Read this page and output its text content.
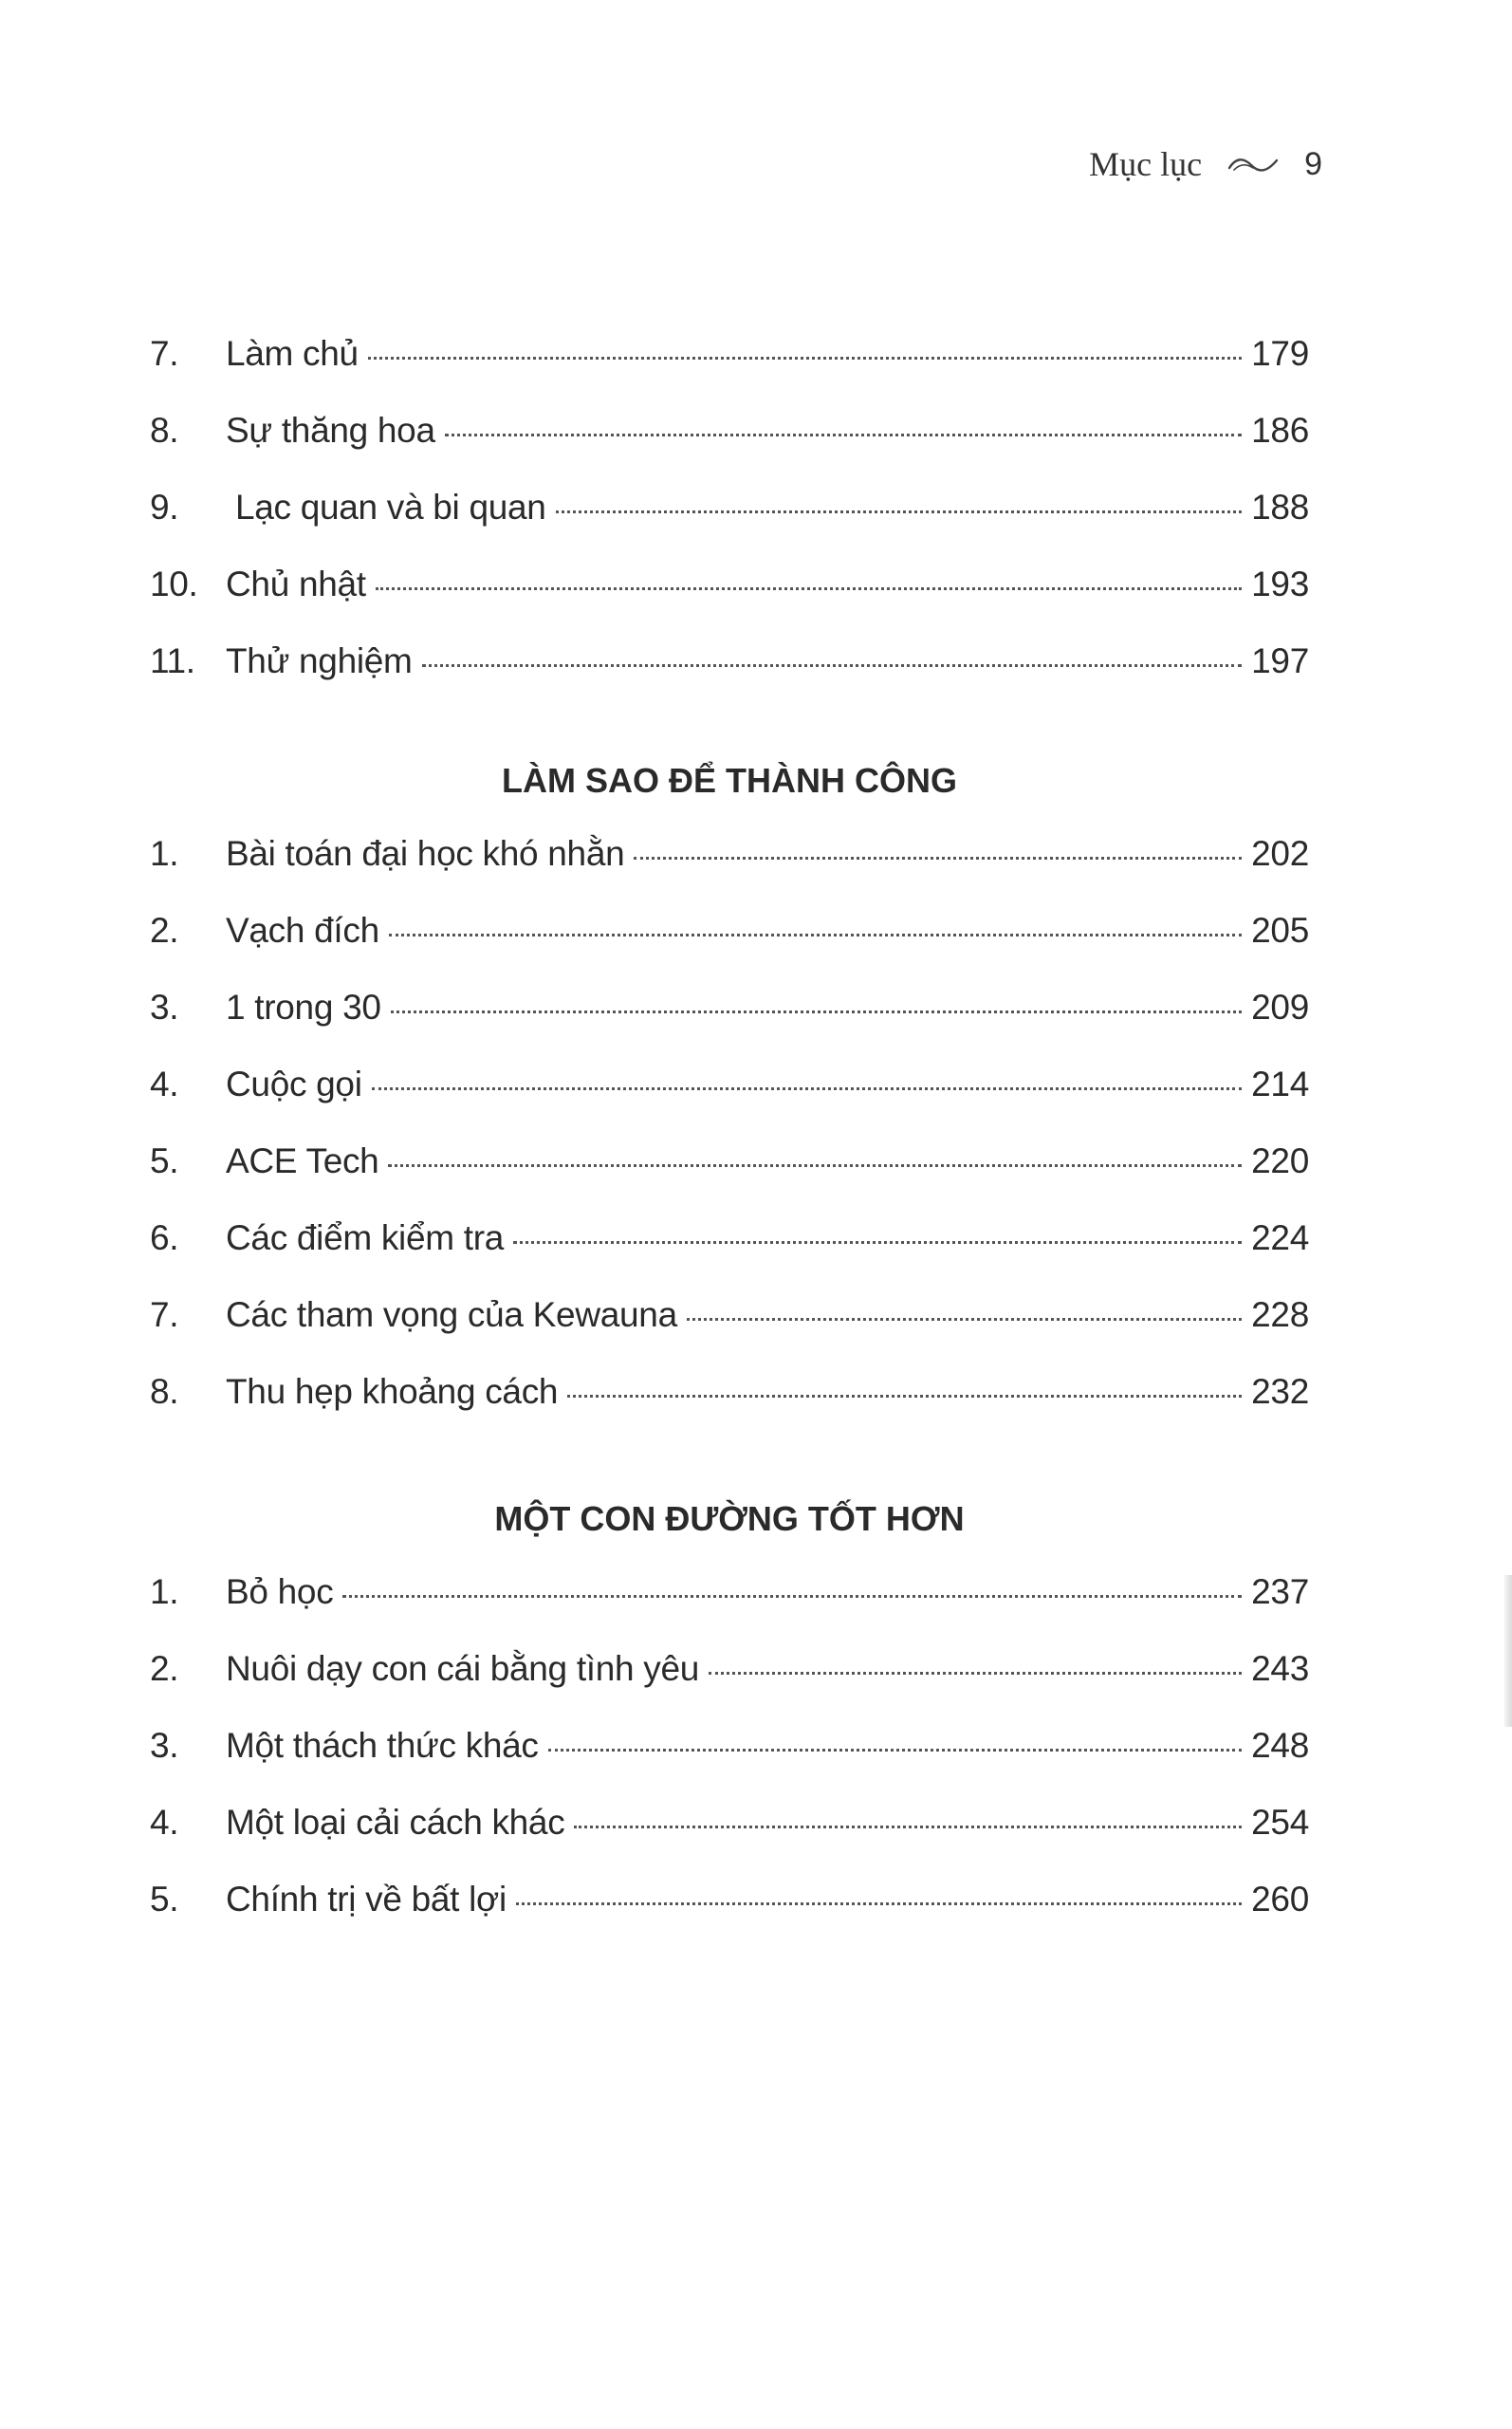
Mục lục	9
7.	Làm chủ	179
8.	Sự thăng hoa	186
9.	Lạc quan và bi quan	188
10. Chủ nhật	193
11. Thử nghiệm	197
LÀM SAO ĐỂ THÀNH CÔNG
1.	Bài toán đại học khó nhằn	202
2.	Vạch đích	205
3.	1 trong 30	209
4.	Cuộc gọi	214
5.	ACE Tech	220
6.	Các điểm kiểm tra	224
7.	Các tham vọng của Kewauna	228
8.	Thu hẹp khoảng cách	232
MỘT CON ĐƯỜNG TỐT HƠN
1.	Bỏ học	237
2.	Nuôi dạy con cái bằng tình yêu	243
3.	Một thách thức khác	248
4.	Một loại cải cách khác	254
5.	Chính trị về bất lợi	260
